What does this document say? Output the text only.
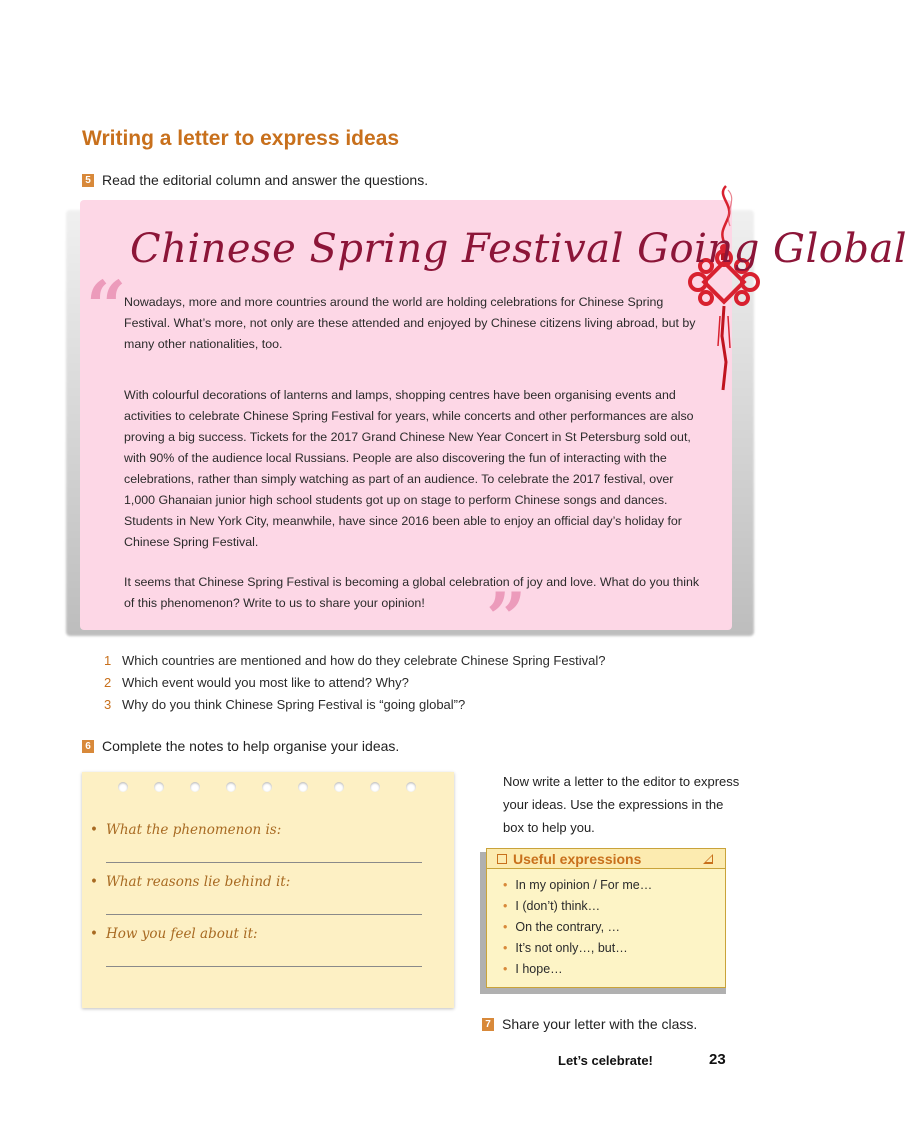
Writing a letter to express ideas
5 Read the editorial column and answer the questions.
Chinese Spring Festival Going Global
“
”

Nowadays, more and more countries around the world are holding celebrations for Chinese Spring Festival. What’s more, not only are these attended and enjoyed by Chinese citizens living abroad, but by many other nationalities, too.

With colourful decorations of lanterns and lamps, shopping centres have been organising events and activities to celebrate Chinese Spring Festival for years, while concerts and other performances are also proving a big success. Tickets for the 2017 Grand Chinese New Year Concert in St Petersburg sold out, with 90% of the audience local Russians. People are also discovering the fun of interacting with the celebrations, rather than simply watching as part of an audience. To celebrate the 2017 festival, over 1,000 Ghanaian junior high school students got up on stage to perform Chinese songs and dances. Students in New York City, meanwhile, have since 2016 been able to enjoy an official day’s holiday for Chinese Spring Festival.

It seems that Chinese Spring Festival is becoming a global celebration of joy and love. What do you think of this phenomenon? Write to us to share your opinion!

1 Which countries are mentioned and how do they celebrate Chinese Spring Festival?
2 Which event would you most like to attend? Why?
3 Why do you think Chinese Spring Festival is “going global”?
6 Complete the notes to help organise your ideas.
• What the phenomenon is:
• What reasons lie behind it:
• How you feel about it:

Now write a letter to the editor to express your ideas. Use the expressions in the box to help you.

Useful expressions
• In my opinion / For me…
• I (don’t) think…
• On the contrary, …
• It’s not only…, but…
• I hope…
7 Share your letter with the class.
Let’s celebrate!	23
